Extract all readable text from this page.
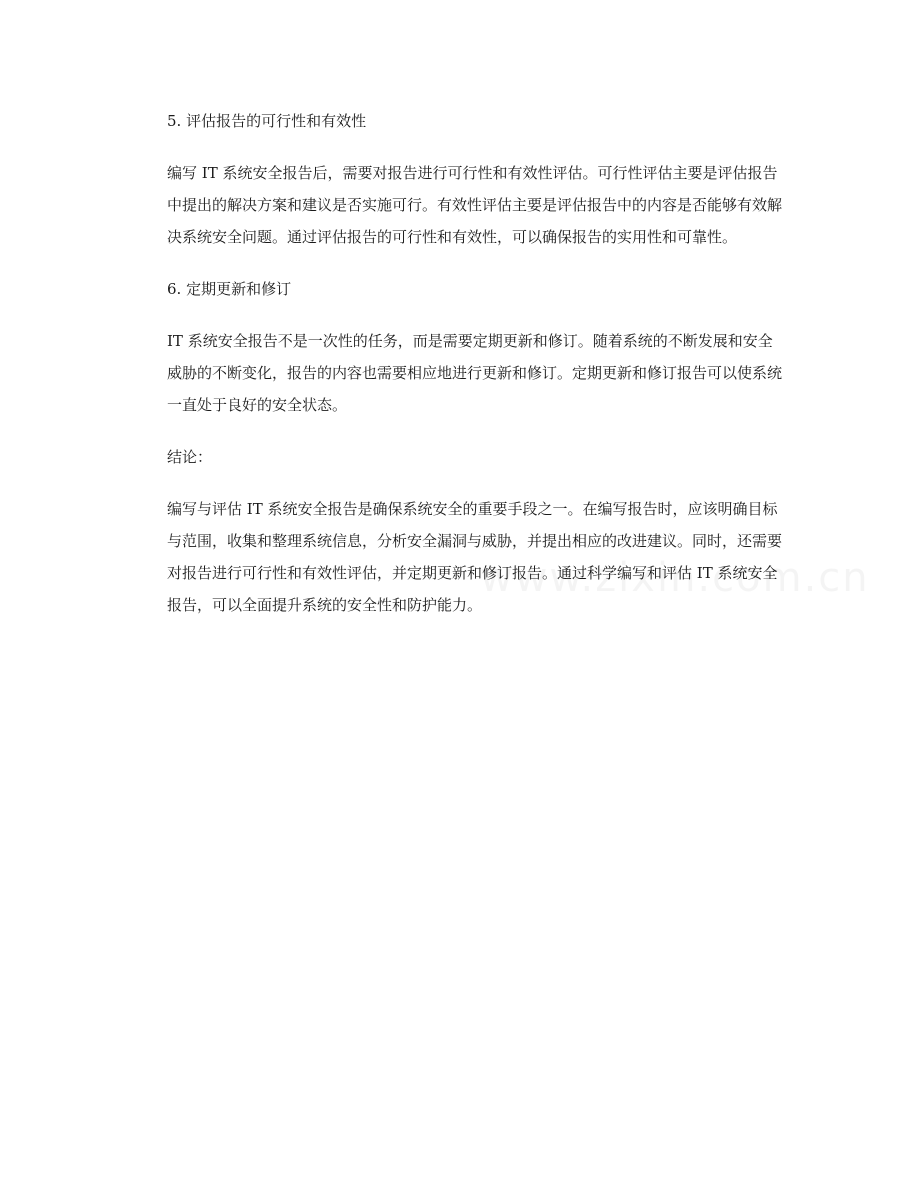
5. 评估报告的可行性和有效性

编写 IT 系统安全报告后，需要对报告进行可行性和有效性评估。可行性评估主要是评估报告中提出的解决方案和建议是否实施可行。有效性评估主要是评估报告中的内容是否能够有效解决系统安全问题。通过评估报告的可行性和有效性，可以确保报告的实用性和可靠性。

6. 定期更新和修订

IT 系统安全报告不是一次性的任务，而是需要定期更新和修订。随着系统的不断发展和安全威胁的不断变化，报告的内容也需要相应地进行更新和修订。定期更新和修订报告可以使系统一直处于良好的安全状态。

结论：

编写与评估 IT 系统安全报告是确保系统安全的重要手段之一。在编写报告时，应该明确目标与范围，收集和整理系统信息，分析安全漏洞与威胁，并提出相应的改进建议。同时，还需要对报告进行可行性和有效性评估，并定期更新和修订报告。通过科学编写和评估 IT 系统安全报告，可以全面提升系统的安全性和防护能力。
